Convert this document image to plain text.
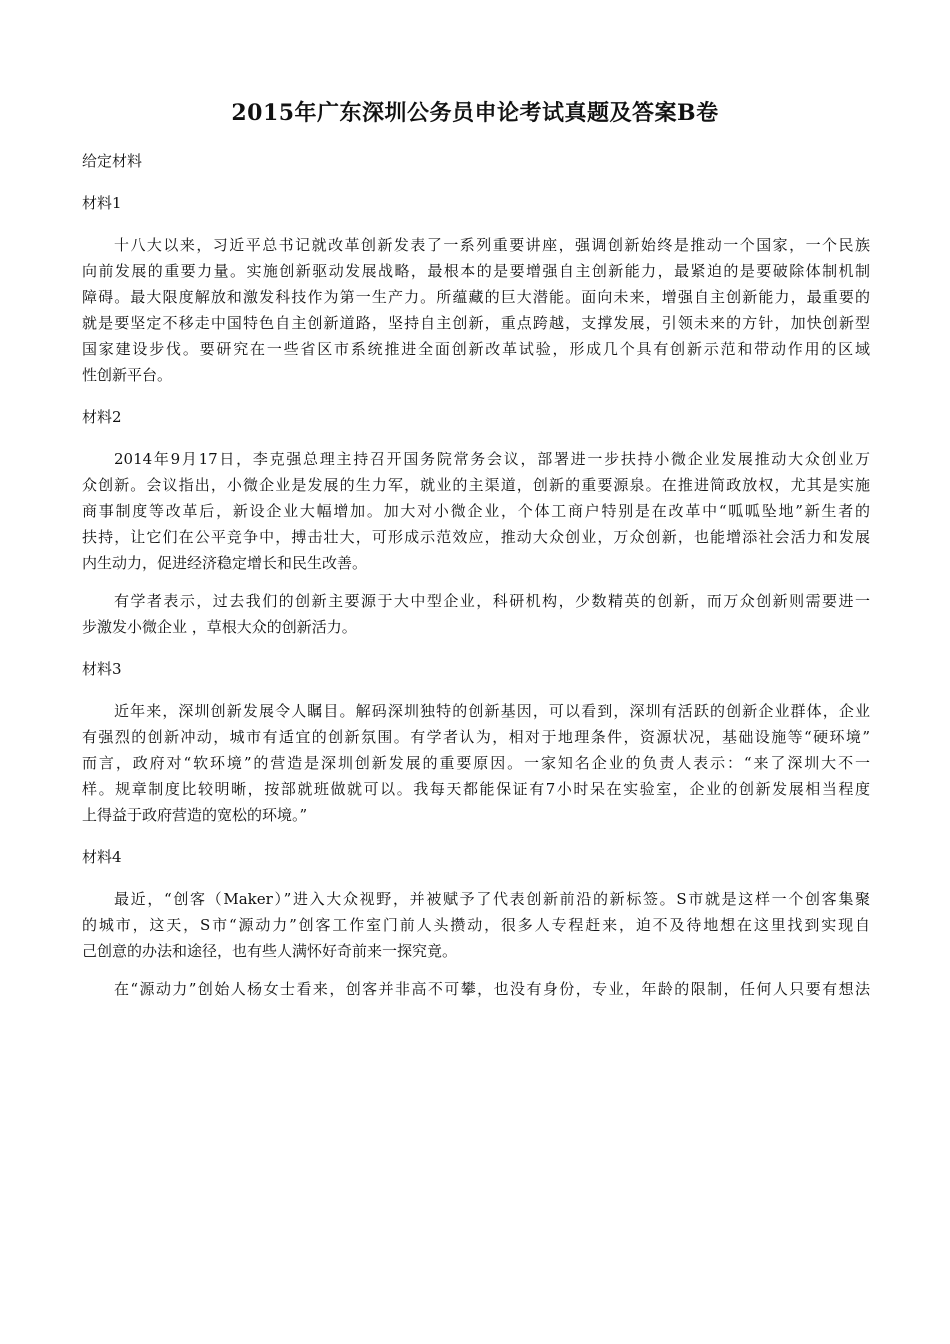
2015年广东深圳公务员申论考试真题及答案B卷

给定材料

材料1

十八大以来，习近平总书记就改革创新发表了一系列重要讲座，强调创新始终是推动一个国家，一个民族

向前发展的重要力量。实施创新驱动发展战略，最根本的是要增强自主创新能力，最紧迫的是要破除体制机制

障碍。最大限度解放和激发科技作为第一生产力。所蕴藏的巨大潜能。面向未来，增强自主创新能力，最重要的

就是要坚定不移走中国特色自主创新道路，坚持自主创新，重点跨越，支撑发展，引领未来的方针，加快创新型

国家建设步伐。要研究在一些省区市系统推进全面创新改革试验，形成几个具有创新示范和带动作用的区域

性创新平台。

材料2

2014年9月17日，李克强总理主持召开国务院常务会议，部署进一步扶持小微企业发展推动大众创业万

众创新。会议指出，小微企业是发展的生力军，就业的主渠道，创新的重要源泉。在推进简政放权，尤其是实施

商事制度等改革后，新设企业大幅增加。加大对小微企业，个体工商户特别是在改革中“呱呱坠地”新生者的

扶持，让它们在公平竞争中，搏击壮大，可形成示范效应，推动大众创业，万众创新，也能增添社会活力和发展

内生动力，促进经济稳定增长和民生改善。

有学者表示，过去我们的创新主要源于大中型企业，科研机构，少数精英的创新，而万众创新则需要进一

步激发小微企业 ，草根大众的创新活力。

材料3

近年来，深圳创新发展令人瞩目。解码深圳独特的创新基因，可以看到，深圳有活跃的创新企业群体，企业

有强烈的创新冲动，城市有适宜的创新氛围。有学者认为，相对于地理条件，资源状况，基础设施等“硬环境”

而言，政府对“软环境”的营造是深圳创新发展的重要原因。一家知名企业的负责人表示：“来了深圳大不一

样。规章制度比较明晰，按部就班做就可以。我每天都能保证有7小时呆在实验室，企业的创新发展相当程度

上得益于政府营造的宽松的环境。”

材料4

最近，“创客（Maker）”进入大众视野，并被赋予了代表创新前沿的新标签。S市就是这样一个创客集聚

的城市，这天，S市“源动力”创客工作室门前人头攒动，很多人专程赶来，迫不及待地想在这里找到实现自

己创意的办法和途径，也有些人满怀好奇前来一探究竟。

在“源动力”创始人杨女士看来，创客并非高不可攀，也没有身份，专业，年龄的限制，任何人只要有想法
